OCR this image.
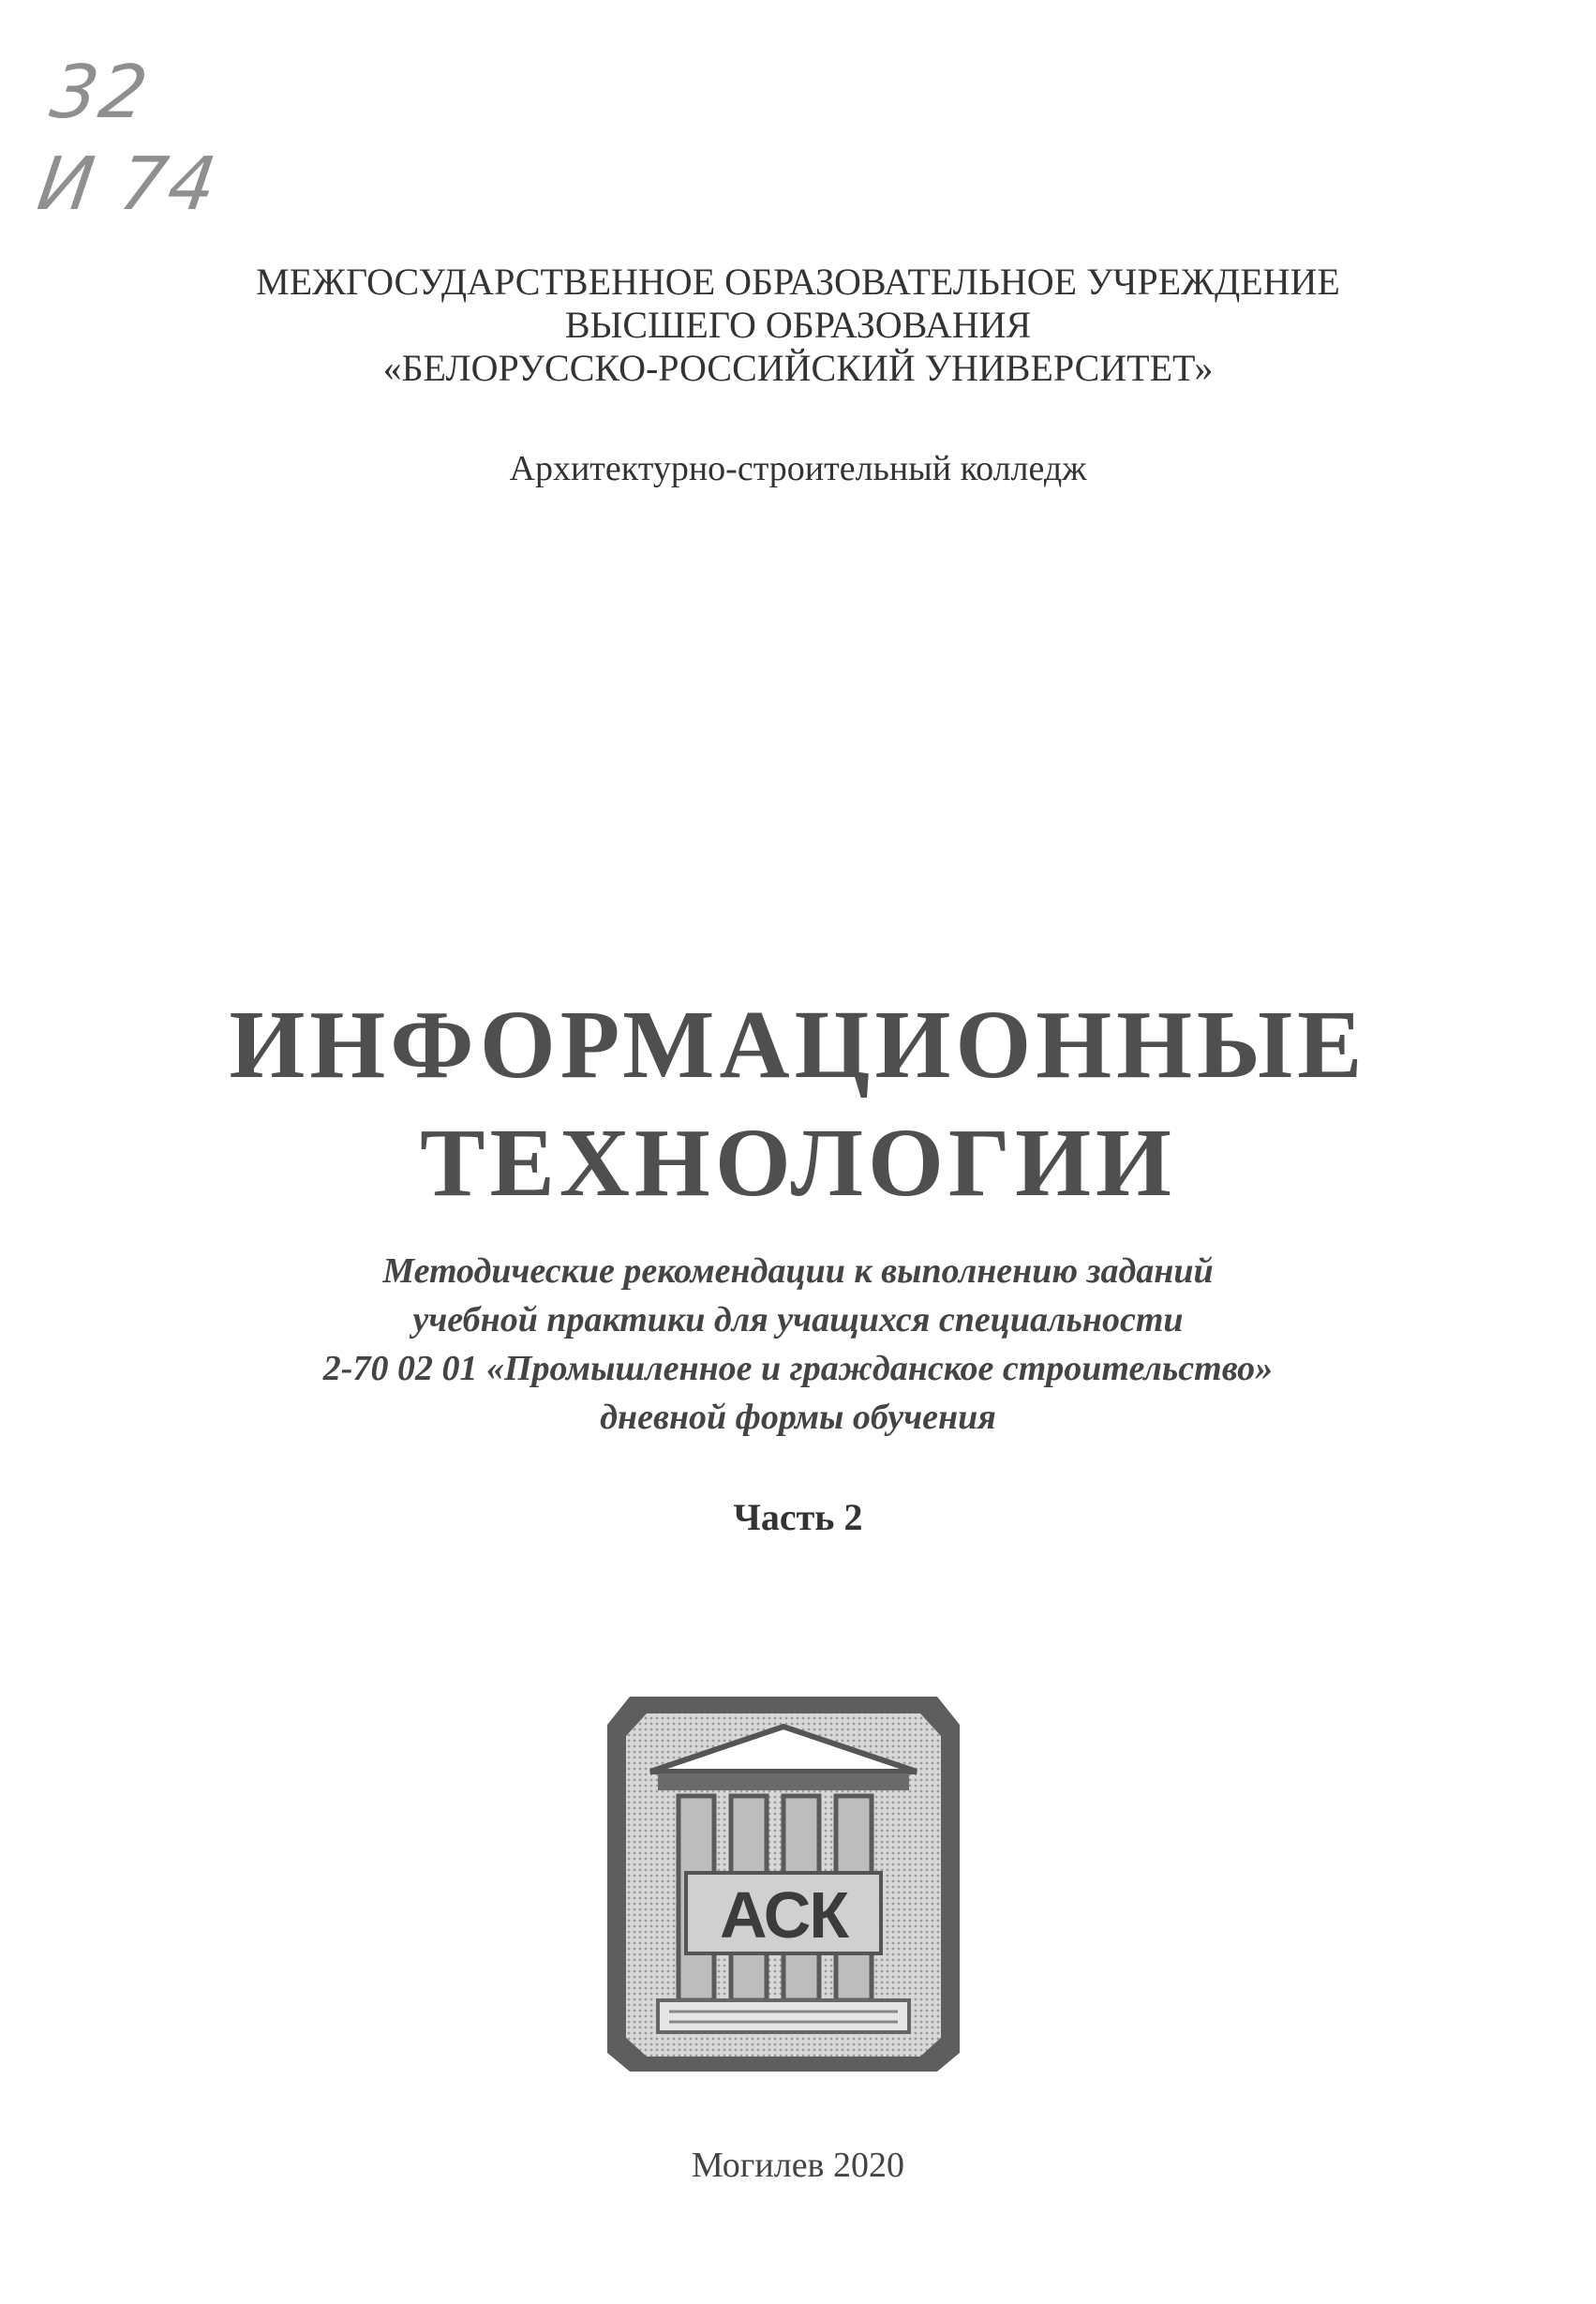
32
И 74
МЕЖГОСУДАРСТВЕННОЕ ОБРАЗОВАТЕЛЬНОЕ УЧРЕЖДЕНИЕ
ВЫСШЕГО ОБРАЗОВАНИЯ
«БЕЛОРУССКО-РОССИЙСКИЙ УНИВЕРСИТЕТ»
Архитектурно-строительный колледж
ИНФОРМАЦИОННЫЕ
ТЕХНОЛОГИИ
Методические рекомендации к выполнению заданий
учебной практики для учащихся специальности
2-70 02 01 «Промышленное и гражданское строительство»
дневной формы обучения
Часть 2
АСК
Могилев 2020
